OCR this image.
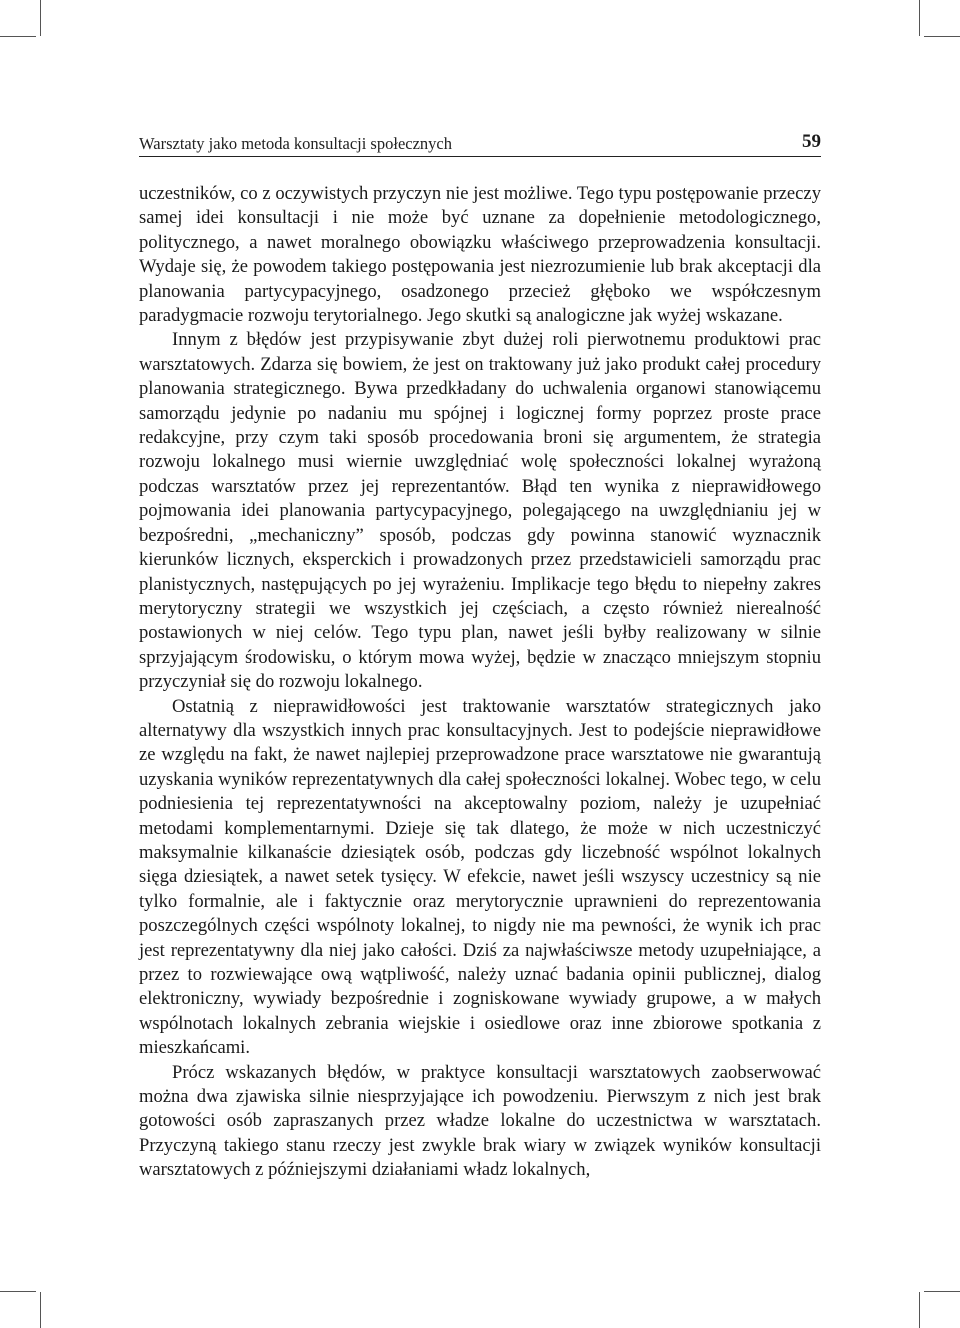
Warsztaty jako metoda konsultacji społecznych	59

uczestników, co z oczywistych przyczyn nie jest możliwe. Tego typu postępowanie przeczy samej idei konsultacji i nie może być uznane za dopełnienie metodologicznego, politycznego, a nawet moralnego obowiązku właściwego przeprowadzenia konsultacji. Wydaje się, że powodem takiego postępowania jest niezrozumienie lub brak akceptacji dla planowania partycypacyjnego, osadzonego przecież głęboko we współczesnym paradygmacie rozwoju terytorialnego. Jego skutki są analogiczne jak wyżej wskazane.

Innym z błędów jest przypisywanie zbyt dużej roli pierwotnemu produktowi prac warsztatowych. Zdarza się bowiem, że jest on traktowany już jako produkt całej procedury planowania strategicznego. Bywa przedkładany do uchwalenia organowi stanowiącemu samorządu jedynie po nadaniu mu spójnej i logicznej formy poprzez proste prace redakcyjne, przy czym taki sposób procedowania broni się argumentem, że strategia rozwoju lokalnego musi wiernie uwzględniać wolę społeczności lokalnej wyrażoną podczas warsztatów przez jej reprezentantów. Błąd ten wynika z nieprawidłowego pojmowania idei planowania partycypacyjnego, polegającego na uwzględnianiu jej w bezpośredni, „mechaniczny” sposób, podczas gdy powinna stanowić wyznacznik kierunków licznych, eksperckich i prowadzonych przez przedstawicieli samorządu prac planistycznych, następujących po jej wyrażeniu. Implikacje tego błędu to niepełny zakres merytoryczny strategii we wszystkich jej częściach, a często również nierealność postawionych w niej celów. Tego typu plan, nawet jeśli byłby realizowany w silnie sprzyjającym środowisku, o którym mowa wyżej, będzie w znacząco mniejszym stopniu przyczyniał się do rozwoju lokalnego.

Ostatnią z nieprawidłowości jest traktowanie warsztatów strategicznych jako alternatywy dla wszystkich innych prac konsultacyjnych. Jest to podejście nieprawidłowe ze względu na fakt, że nawet najlepiej przeprowadzone prace warsztatowe nie gwarantują uzyskania wyników reprezentatywnych dla całej społeczności lokalnej. Wobec tego, w celu podniesienia tej reprezentatywności na akceptowalny poziom, należy je uzupełniać metodami komplementarnymi. Dzieje się tak dlatego, że może w nich uczestniczyć maksymalnie kilkanaście dziesiątek osób, podczas gdy liczebność wspólnot lokalnych sięga dziesiątek, a nawet setek tysięcy. W efekcie, nawet jeśli wszyscy uczestnicy są nie tylko formalnie, ale i faktycznie oraz merytorycznie uprawnieni do reprezentowania poszczególnych części wspólnoty lokalnej, to nigdy nie ma pewności, że wynik ich prac jest reprezentatywny dla niej jako całości. Dziś za najwłaściwsze metody uzupełniające, a przez to rozwiewające ową wątpliwość, należy uznać badania opinii publicznej, dialog elektroniczny, wywiady bezpośrednie i zogniskowane wywiady grupowe, a w małych wspólnotach lokalnych zebrania wiejskie i osiedlowe oraz inne zbiorowe spotkania z mieszkańcami.

Prócz wskazanych błędów, w praktyce konsultacji warsztatowych zaobserwować można dwa zjawiska silnie niesprzyjające ich powodzeniu. Pierwszym z nich jest brak gotowości osób zapraszanych przez władze lokalne do uczestnictwa w warsztatach. Przyczyną takiego stanu rzeczy jest zwykle brak wiary w związek wyników konsultacji warsztatowych z późniejszymi działaniami władz lokalnych,
